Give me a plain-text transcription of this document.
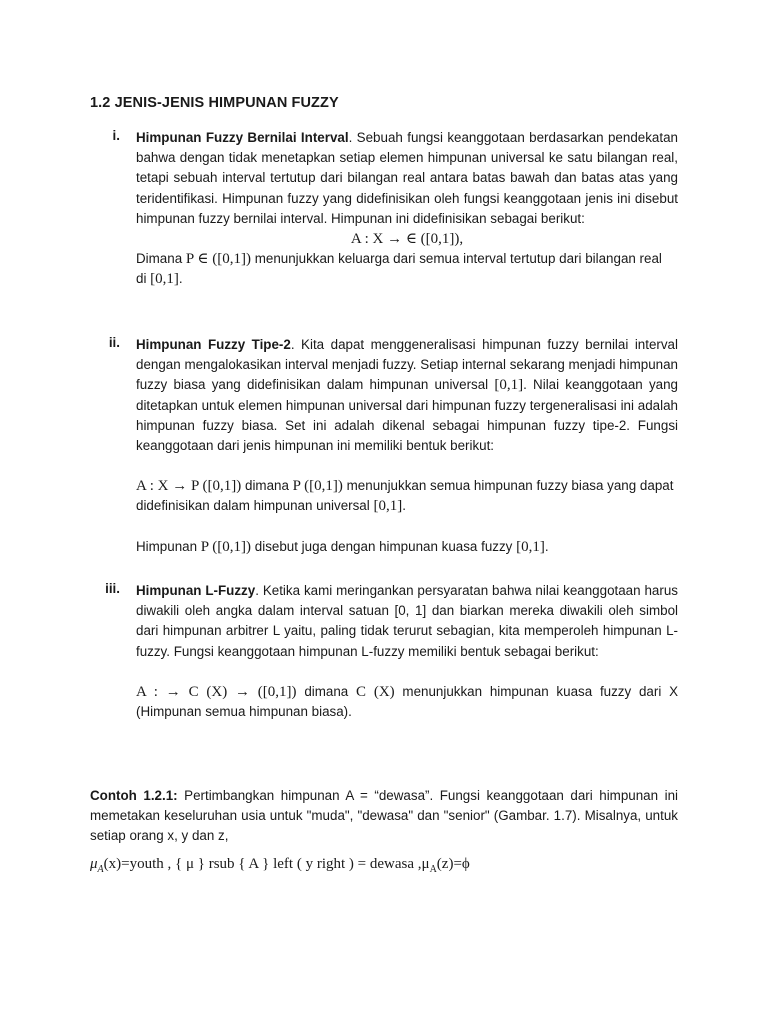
1.2 JENIS-JENIS HIMPUNAN FUZZY
i. Himpunan Fuzzy Bernilai Interval. Sebuah fungsi keanggotaan berdasarkan pendekatan bahwa dengan tidak menetapkan setiap elemen himpunan universal ke satu bilangan real, tetapi sebuah interval tertutup dari bilangan real antara batas bawah dan batas atas yang teridentifikasi. Himpunan fuzzy yang didefinisikan oleh fungsi keanggotaan jenis ini disebut himpunan fuzzy bernilai interval. Himpunan ini didefinisikan sebagai berikut:

A : X → ∈ ([0,1]),

Dimana P ∈ ([0,1]) menunjukkan keluarga dari semua interval tertutup dari bilangan real

di [0,1].

ii. Himpunan Fuzzy Tipe-2. Kita dapat menggeneralisasi himpunan fuzzy bernilai interval dengan mengalokasikan interval menjadi fuzzy. Setiap internal sekarang menjadi himpunan fuzzy biasa yang didefinisikan dalam himpunan universal [0,1]. Nilai keanggotaan yang ditetapkan untuk elemen himpunan universal dari himpunan fuzzy tergeneralisasi ini adalah himpunan fuzzy biasa. Set ini adalah dikenal sebagai himpunan fuzzy tipe-2. Fungsi keanggotaan dari jenis himpunan ini memiliki bentuk berikut:

A : X → P ([0,1]) dimana P ([0,1]) menunjukkan semua himpunan fuzzy biasa yang dapat didefinisikan dalam himpunan universal [0,1].

Himpunan P ([0,1]) disebut juga dengan himpunan kuasa fuzzy [0,1].

iii. Himpunan L-Fuzzy. Ketika kami meringankan persyaratan bahwa nilai keanggotaan harus diwakili oleh angka dalam interval satuan [0, 1] dan biarkan mereka diwakili oleh simbol dari himpunan arbitrer L yaitu, paling tidak terurut sebagian, kita memperoleh himpunan L-fuzzy. Fungsi keanggotaan himpunan L-fuzzy memiliki bentuk sebagai berikut:

A : → C (X) → ([0,1]) dimana C (X) menunjukkan himpunan kuasa fuzzy dari X (Himpunan semua himpunan biasa).

Contoh 1.2.1: Pertimbangkan himpunan A = “dewasa”. Fungsi keanggotaan dari himpunan ini memetakan keseluruhan usia untuk "muda", "dewasa" dan "senior" (Gambar. 1.7). Misalnya, untuk setiap orang x, y dan z,

$\mu_A(x)=youth$ , { μ } rsub { A } left ( y right ) = dewasa $,\mu_A(z)=\phi$
